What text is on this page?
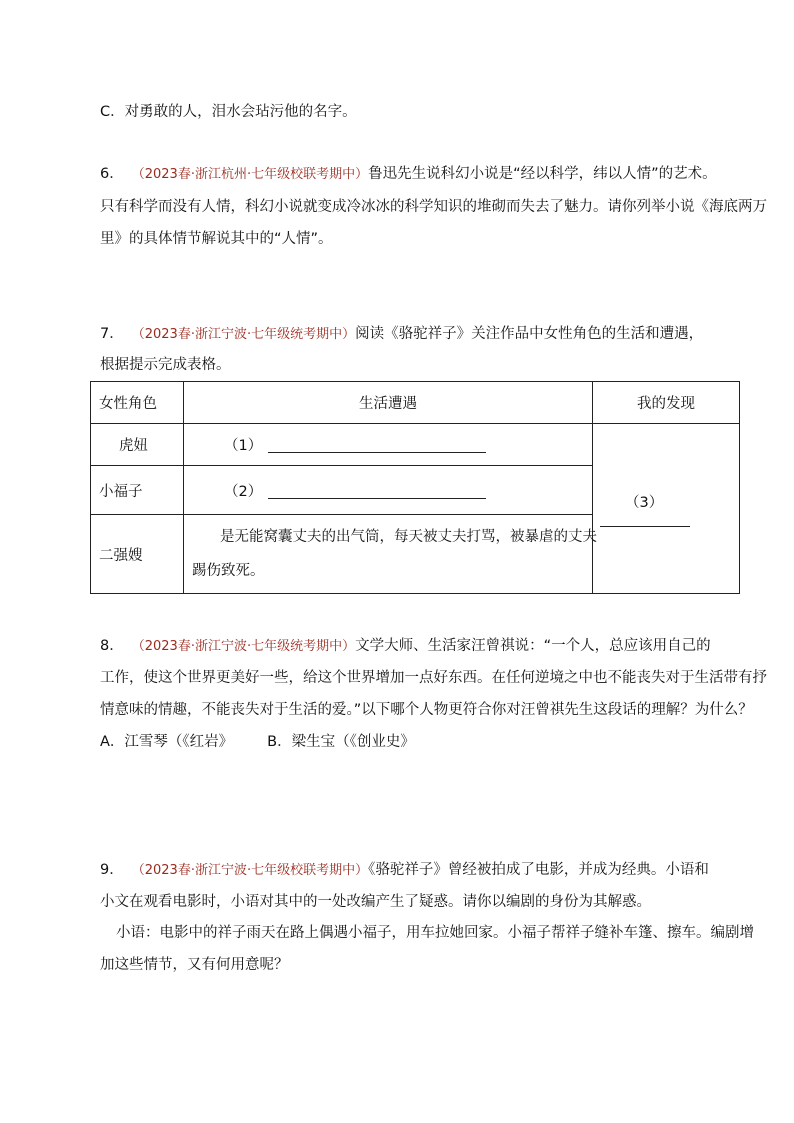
C．对勇敢的人，泪水会玷污他的名字。
6． （2023春·浙江杭州·七年级校联考期中）鲁迅先生说科幻小说是“经以科学，纬以人情”的艺术。
只有科学而没有人情，科幻小说就变成冷冰冰的科学知识的堆砌而失去了魅力。请你列举小说《海底两万
里》的具体情节解说其中的“人情”。
7． （2023春·浙江宁波·七年级统考期中）阅读《骆驼祥子》关注作品中女性角色的生活和遭遇，
根据提示完成表格。
女性角色	生活遭遇	我的发现
虎妞	（1）	（3）

小福子	（2）	
二强嫂	是无能窝囊丈夫的出气筒，每天被丈夫打骂，被暴虐的丈夫
踢伤致死。	
8． （2023春·浙江宁波·七年级统考期中）文学大师、生活家汪曾祺说：“一个人，总应该用自己的
工作，使这个世界更美好一些，给这个世界增加一点好东西。在任何逆境之中也不能丧失对于生活带有抒
情意味的情趣，不能丧失对于生活的爱。”以下哪个人物更符合你对汪曾祺先生这段话的理解？为什么？
A．江雪琴（《红岩》 B．梁生宝（《创业史》
9． （2023春·浙江宁波·七年级校联考期中）《骆驼祥子》曾经被拍成了电影，并成为经典。小语和
小文在观看电影时，小语对其中的一处改编产生了疑惑。请你以编剧的身份为其解惑。
小语：电影中的祥子雨天在路上偶遇小福子，用车拉她回家。小福子帮祥子缝补车篷、擦车。编剧增
加这些情节，又有何用意呢？
